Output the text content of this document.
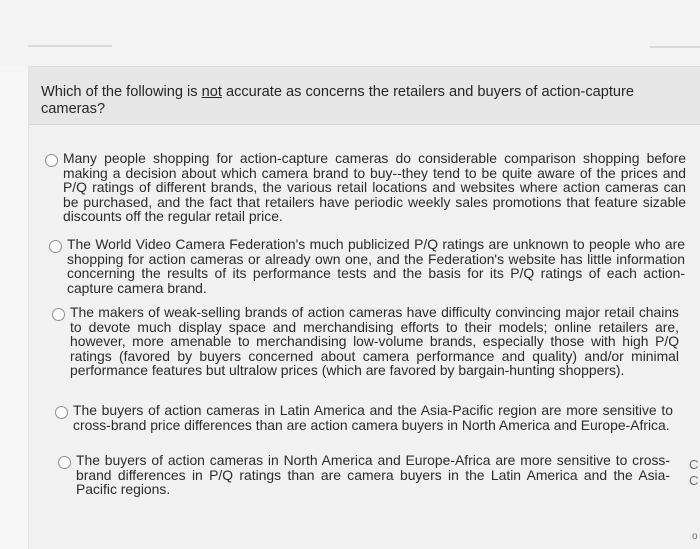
Which of the following is not accurate as concerns the retailers and buyers of action-capture cameras?
Many people shopping for action-capture cameras do considerable comparison shopping before making a decision about which camera brand to buy--they tend to be quite aware of the prices and P/Q ratings of different brands, the various retail locations and websites where action cameras can be purchased, and the fact that retailers have periodic weekly sales promotions that feature sizable discounts off the regular retail price.
The World Video Camera Federation's much publicized P/Q ratings are unknown to people who are shopping for action cameras or already own one, and the Federation's website has little information concerning the results of its performance tests and the basis for its P/Q ratings of each action-capture camera brand.
The makers of weak-selling brands of action cameras have difficulty convincing major retail chains to devote much display space and merchandising efforts to their models; online retailers are, however, more amenable to merchandising low-volume brands, especially those with high P/Q ratings (favored by buyers concerned about camera performance and quality) and/or minimal performance features but ultralow prices (which are favored by bargain-hunting shoppers).
The buyers of action cameras in Latin America and the Asia-Pacific region are more sensitive to cross-brand price differences than are action camera buyers in North America and Europe-Africa.
The buyers of action cameras in North America and Europe-Africa are more sensitive to cross-brand differences in P/Q ratings than are camera buyers in the Latin America and the Asia-Pacific regions.
C
C
o
